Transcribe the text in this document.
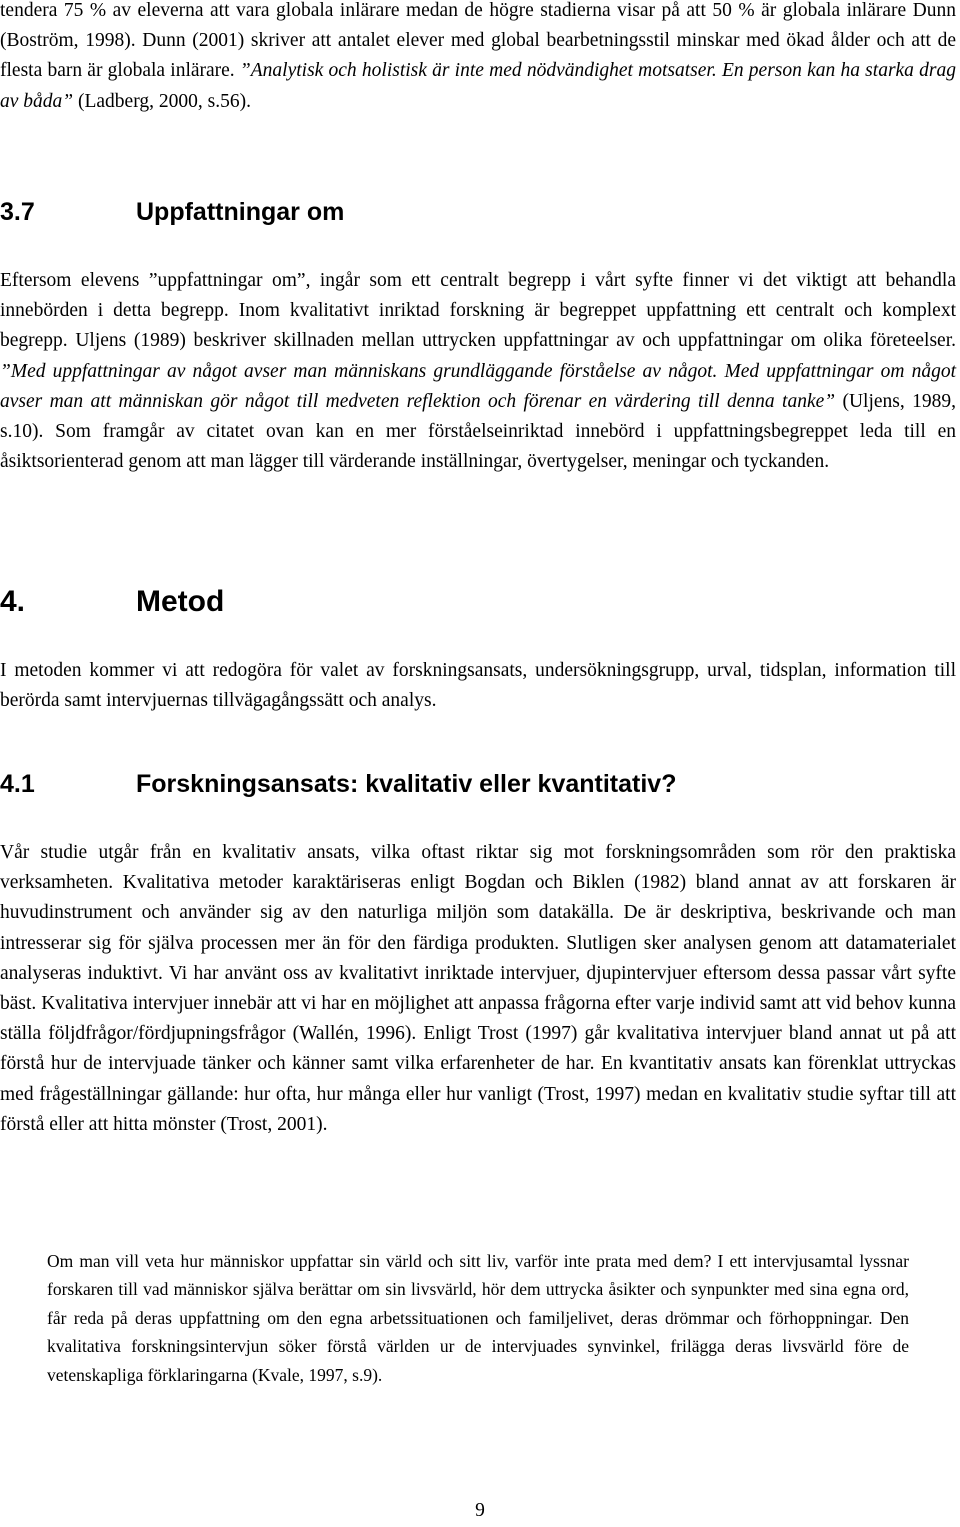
tendera 75 % av eleverna att vara globala inlärare medan de högre stadierna visar på att 50 % är globala inlärare Dunn (Boström, 1998). Dunn (2001) skriver att antalet elever med global bearbetningsstil minskar med ökad ålder och att de flesta barn är globala inlärare. ”Analytisk och holistisk är inte med nödvändighet motsatser. En person kan ha starka drag av båda” (Ladberg, 2000, s.56).

3.7	Uppfattningar om

Eftersom elevens ”uppfattningar om”, ingår som ett centralt begrepp i vårt syfte finner vi det viktigt att behandla innebörden i detta begrepp. Inom kvalitativt inriktad forskning är begreppet uppfattning ett centralt och komplext begrepp. Uljens (1989) beskriver skillnaden mellan uttrycken uppfattningar av och uppfattningar om olika företeelser. ”Med uppfattningar av något avser man människans grundläggande förståelse av något. Med uppfattningar om något avser man att människan gör något till medveten reflektion och förenar en värdering till denna tanke” (Uljens, 1989, s.10). Som framgår av citatet ovan kan en mer förståelseinriktad innebörd i uppfattningsbegreppet leda till en åsiktsorienterad genom att man lägger till värderande inställningar, övertygelser, meningar och tyckanden.

4.	Metod

I metoden kommer vi att redogöra för valet av forskningsansats, undersökningsgrupp, urval, tidsplan, information till berörda samt intervjuernas tillvägagångssätt och analys.

4.1	Forskningsansats: kvalitativ eller kvantitativ?

Vår studie utgår från en kvalitativ ansats, vilka oftast riktar sig mot forskningsområden som rör den praktiska verksamheten. Kvalitativa metoder karaktäriseras enligt Bogdan och Biklen (1982) bland annat av att forskaren är huvudinstrument och använder sig av den naturliga miljön som datakälla. De är deskriptiva, beskrivande och man intresserar sig för själva processen mer än för den färdiga produkten. Slutligen sker analysen genom att datamaterialet analyseras induktivt. Vi har använt oss av kvalitativt inriktade intervjuer, djupintervjuer eftersom dessa passar vårt syfte bäst. Kvalitativa intervjuer innebär att vi har en möjlighet att anpassa frågorna efter varje individ samt att vid behov kunna ställa följdfrågor/fördjupningsfrågor (Wallén, 1996). Enligt Trost (1997) går kvalitativa intervjuer bland annat ut på att förstå hur de intervjuade tänker och känner samt vilka erfarenheter de har. En kvantitativ ansats kan förenklat uttryckas med frågeställningar gällande: hur ofta, hur många eller hur vanligt (Trost, 1997) medan en kvalitativ studie syftar till att förstå eller att hitta mönster (Trost, 2001).

Om man vill veta hur människor uppfattar sin värld och sitt liv, varför inte prata med dem? I ett intervjusamtal lyssnar forskaren till vad människor själva berättar om sin livsvärld, hör dem uttrycka åsikter och synpunkter med sina egna ord, får reda på deras uppfattning om den egna arbetssituationen och familjelivet, deras drömmar och förhoppningar. Den kvalitativa forskningsintervjun söker förstå världen ur de intervjuades synvinkel, frilägga deras livsvärld före de vetenskapliga förklaringarna (Kvale, 1997, s.9).

9
